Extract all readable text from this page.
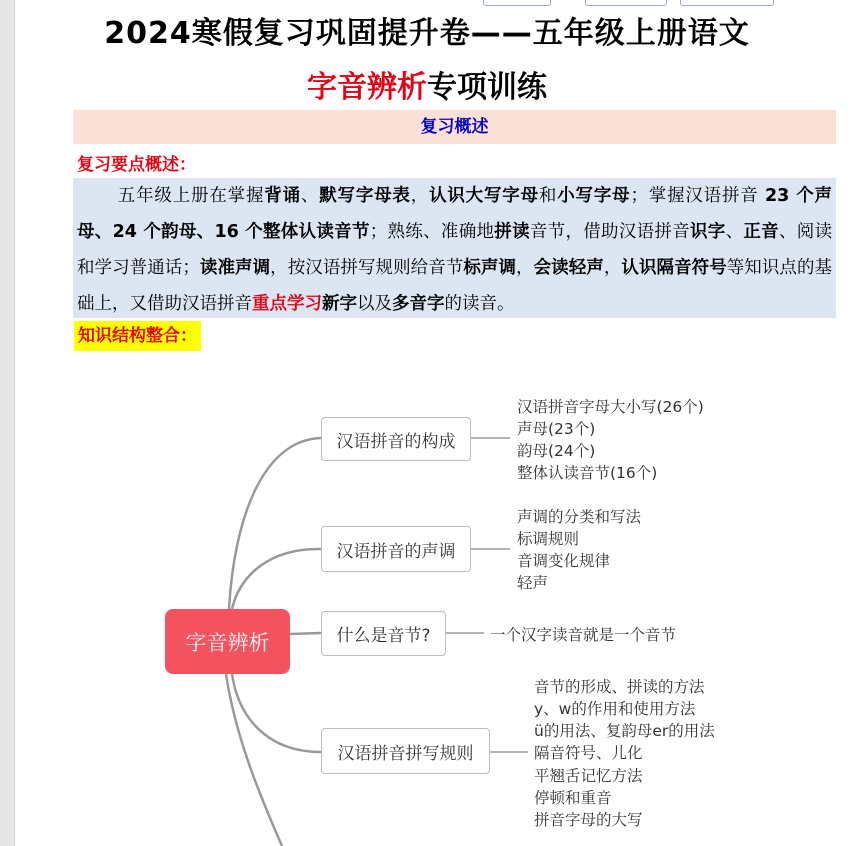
2024寒假复习巩固提升卷——五年级上册语文
字音辨析专项训练
复习概述
复习要点概述：
五年级上册在掌握背诵、默写字母表，认识大写字母和小写字母；掌握汉语拼音 23 个声母、24 个韵母、16 个整体认读音节；熟练、准确地拼读音节，借助汉语拼音识字、正音、阅读和学习普通话；读准声调，按汉语拼写规则给音节标声调，会读轻声，认识隔音符号等知识点的基础上，又借助汉语拼音重点学习新字以及多音字的读音。
知识结构整合：
字音辨析
汉语拼音的构成
汉语拼音的声调
什么是音节?
汉语拼音拼写规则
汉语拼音字母大小写(26个)
声母(23个)
韵母(24个)
整体认读音节(16个)
声调的分类和写法
标调规则
音调变化规律
轻声
一个汉字读音就是一个音节
音节的形成、拼读的方法
y、w的作用和使用方法
ü的用法、复韵母er的用法
隔音符号、儿化
平翘舌记忆方法
停顿和重音
拼音字母的大写
